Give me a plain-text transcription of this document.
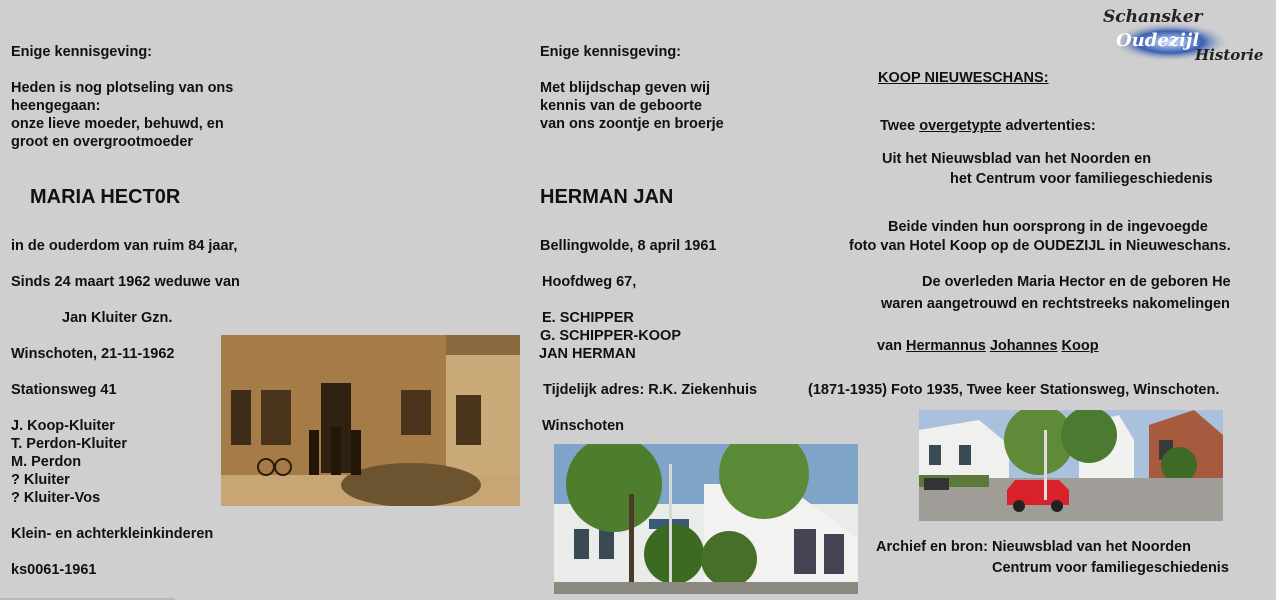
Schansker
Oudezijl
Historie
Enige kennisgeving:
Heden is nog plotseling van ons
heengegaan:
onze lieve moeder, behuwd, en
groot en overgrootmoeder
MARIA HECT0R
in de ouderdom van ruim 84 jaar,
Sinds 24 maart 1962 weduwe van
Jan Kluiter Gzn.
Winschoten, 21-11-1962
Stationsweg 41
J. Koop-Kluiter
T. Perdon-Kluiter
M. Perdon
? Kluiter
? Kluiter-Vos
Klein- en achterkleinkinderen
ks0061-1961
Enige kennisgeving:
Met blijdschap geven wij
kennis van de geboorte
van ons zoontje en broerje
HERMAN JAN
Bellingwolde, 8 april 1961
Hoofdweg 67,
E. SCHIPPER
G. SCHIPPER-KOOP
JAN HERMAN
Tijdelijk adres: R.K. Ziekenhuis
Winschoten
KOOP NIEUWESCHANS:
Twee overgetypte advertenties:
Uit het Nieuwsblad van het Noorden en
het Centrum voor familiegeschiedenis
Beide vinden hun oorsprong in de ingevoegde
foto van Hotel Koop op de OUDEZIJL in Nieuweschans.
De overleden Maria Hector en de geboren He
waren aangetrouwd en rechtstreeks nakomelingen
van Hermannus Johannes Koop
(1871-1935) Foto 1935, Twee keer Stationsweg, Winschoten.
Archief en bron: Nieuwsblad van het Noorden
Centrum voor familiegeschiedenis
